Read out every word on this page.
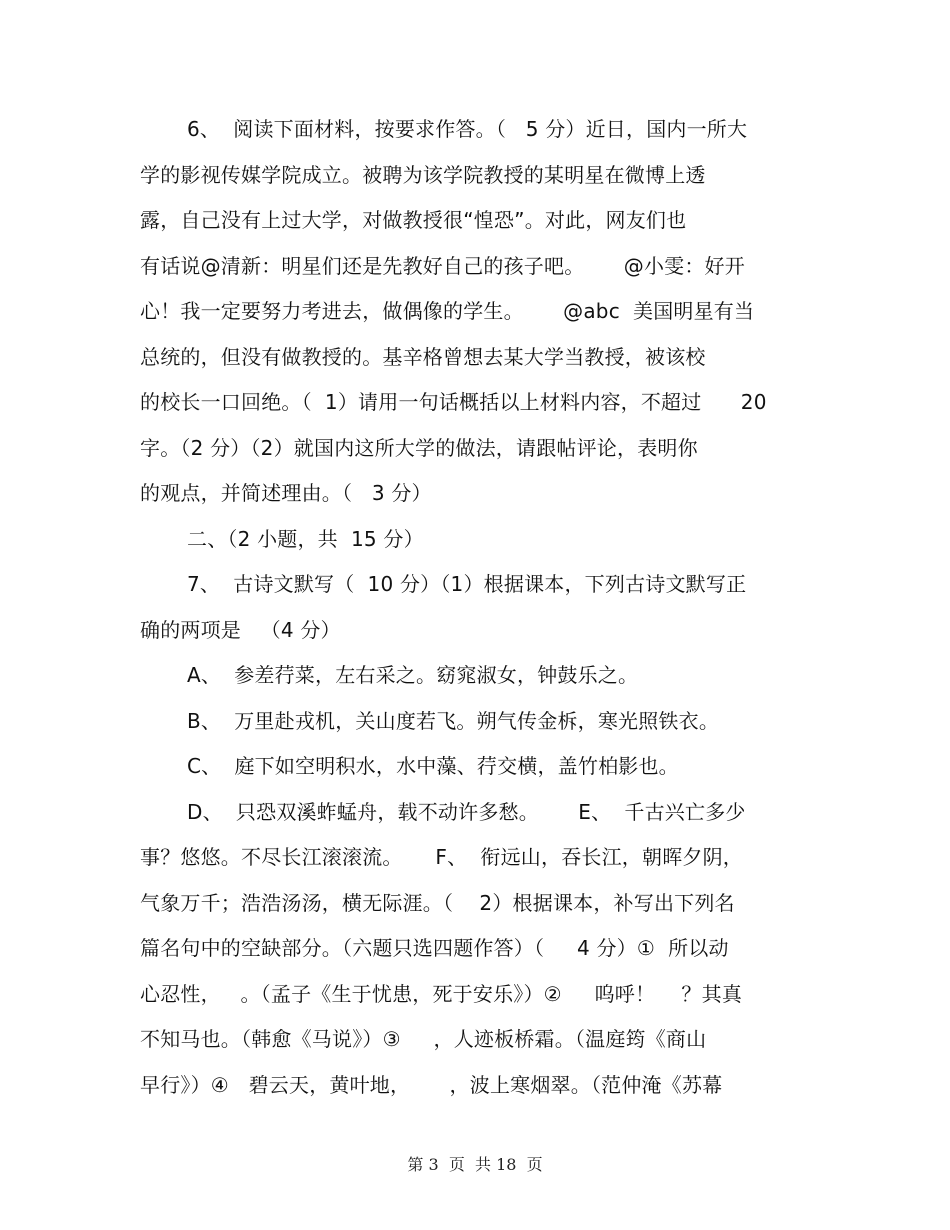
6、  阅读下面材料，按要求作答。（   5 分）近日，国内一所大
学的影视传媒学院成立。被聘为该学院教授的某明星在微博上透
露，自己没有上过大学，对做教授很“惶恐”。对此，网友们也
有话说@清新：明星们还是先教好自己的孩子吧。      @小雯：好开
心！我一定要努力考进去，做偶像的学生。      @abc  美国明星有当
总统的，但没有做教授的。基辛格曾想去某大学当教授，被该校
的校长一口回绝。（  1）请用一句话概括以上材料内容，不超过      20
字。（2 分）（2）就国内这所大学的做法，请跟帖评论，表明你
的观点，并简述理由。（   3 分）
二、（2 小题，共  15 分）
7、  古诗文默写（  10 分）（1）根据课本，下列古诗文默写正
确的两项是   （4 分）
A、  参差荇菜，左右采之。窈窕淑女，钟鼓乐之。
B、  万里赴戎机，关山度若飞。朔气传金柝，寒光照铁衣。
C、  庭下如空明积水，水中藻、荇交横，盖竹柏影也。
D、  只恐双溪蚱蜢舟，载不动许多愁。      E、  千古兴亡多少
事？悠悠。不尽长江滚滚流。     F、  衔远山，吞长江，朝晖夕阴，
气象万千；浩浩汤汤，横无际涯。（    2）根据课本，补写出下列名
篇名句中的空缺部分。（六题只选四题作答）（     4 分）①  所以动
心忍性，   。（孟子《生于忧患，死于安乐》）②     呜呼！    ？其真
不知马也。（韩愈《马说》）③     ，人迹板桥霜。（温庭筠《商山
早行》）④   碧云天，黄叶地，      ，波上寒烟翠。（范仲淹《苏幕
第 3  页  共 18  页
